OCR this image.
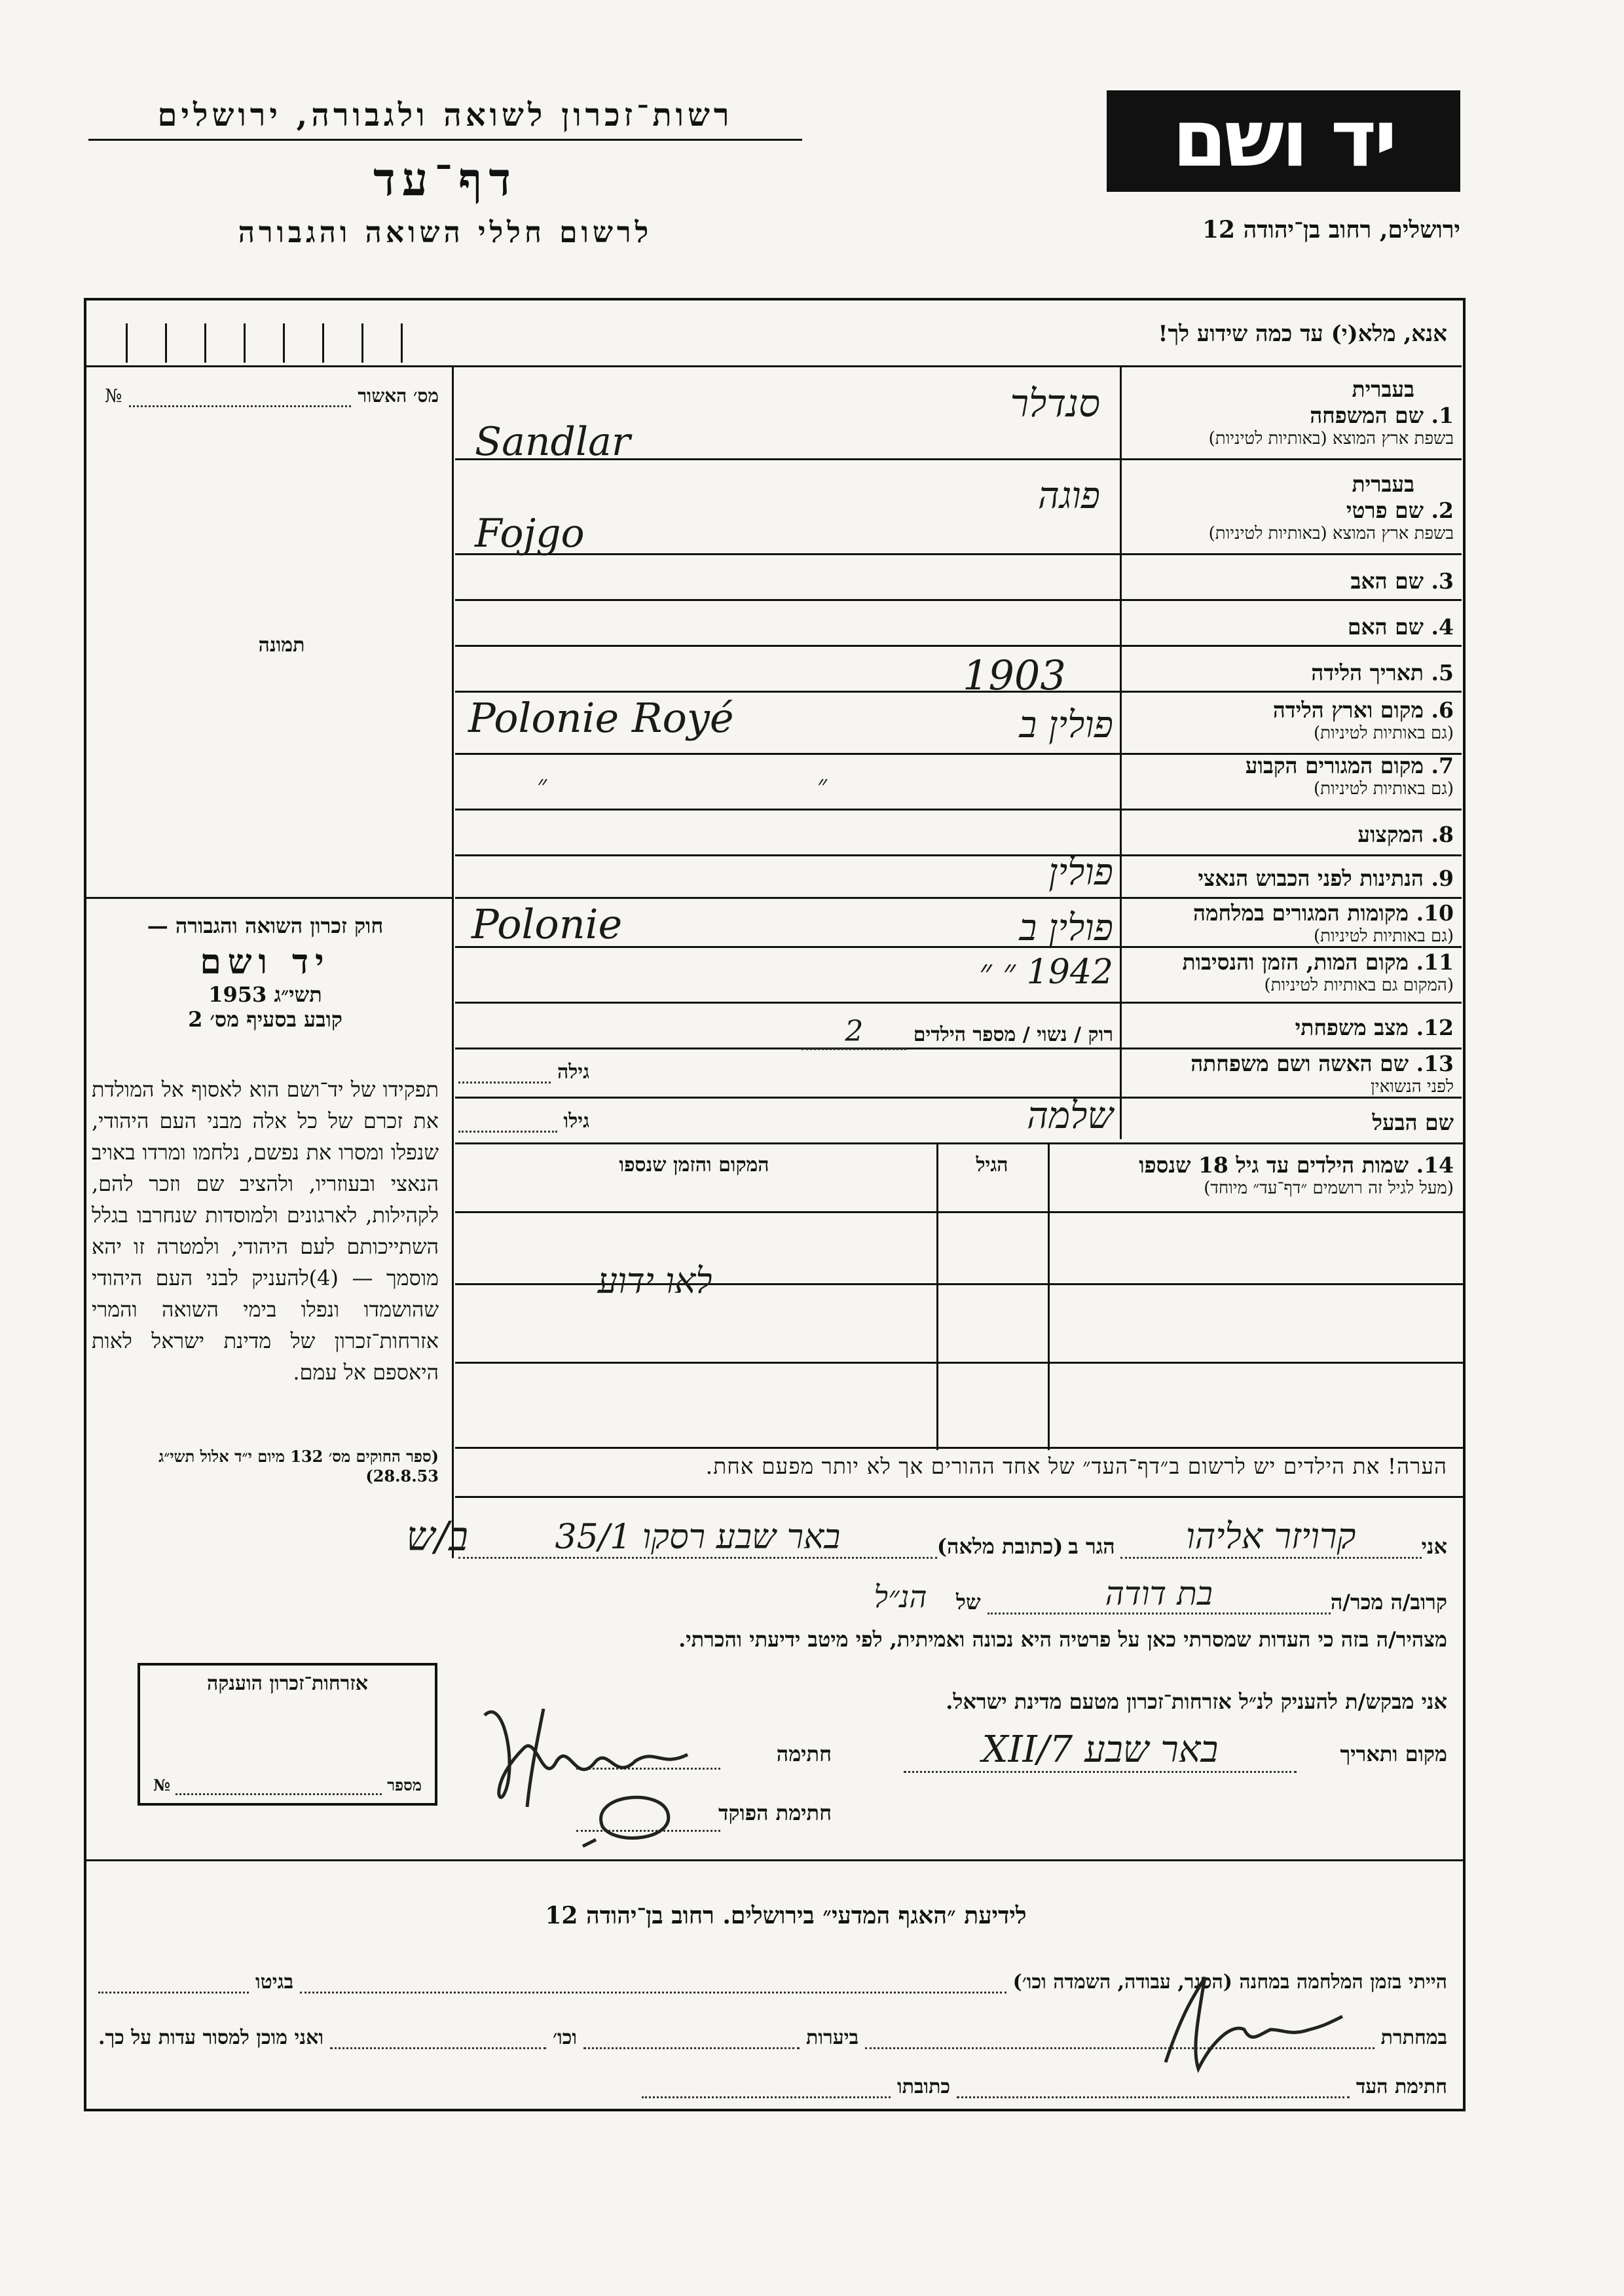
רשות־זכרון לשואה ולגבורה, ירושלים
דף־עד
לרשום חללי השואה והגבורה
יד ושם
ירושלים, רחוב בן־יהודה 12
אנא, מלא(י) עד כמה שידוע לך!
מס׳ האשור
№
תמונה
בעברית
1. שם המשפחה
בשפת ארץ המוצא (באותיות לטיניות)
סנדלר
Sandlar
בעברית
2. שם פרטי
בשפת ארץ המוצא (באותיות לטיניות)
פוגה
Fojgo
3. שם האב
4. שם האם
5. תאריך הלידה
1903
6. מקום וארץ הלידה
(גם באותיות לטיניות)
Polonie Royé	פולין ב
7. מקום המגורים הקבוע
(גם באותיות לטיניות)
״ ״
8. המקצוע
9. הנתינות לפני הכבוש הנאצי
פולין
10. מקומות המגורים במלחמה
(גם באותיות לטיניות)
Polonie	פולין ב
11. מקום המות, הזמן והנסיבות
(המקום גם באותיות לטיניות)
1942 ״ ״
12. מצב משפחתי
רוק / נשוי / מספר הילדים 2
13. שם האשה ושם משפחתה
לפני הנשואין
גילה
שם הבעל
שלמה
גילו
14. שמות הילדים עד גיל 18 שנספו
(מעל לגיל זה רושמים ״דף־עד״ מיוחד)
הגיל
המקום והזמן שנספו
לאו ידוע
הערה! את הילדים יש לרשום ב״דף־העד״ של אחד ההורים אך לא יותר מפעם אחת.
חוק זכרון השואה והגבורה —
יד ושם
תשי״ג 1953
קובע בסעיף מס׳ 2
תפקידו של יד־ושם הוא לאסוף אל המולדת את זכרם של כל אלה מבני העם היהודי, שנפלו ומסרו את נפשם, נלחמו ומרדו באויב הנאצי ובעוזריו, ולהציב שם וזכר להם, לקהילות, לארגונים ולמוסדות שנחרבו בגלל השתייכותם לעם היהודי, ולמטרה זו יהא מוסמך — (4)להעניק לבני העם היהודי שהושמדו ונפלו בימי השואה והמרי אזרחות־זכרון של מדינת ישראל לאות היאספם אל עמם.
(ספר החוקים מס׳ 132 מיום י״ד אלול תשי״ג 28.8.53)
ב/ש	אני
קרויזר אליהו
הגר ב
(כתובת מלאה)
באר שבע רסקו 35/1
קרוב/ה מכר/ה
בת דודה
של
הנ״ל
מצהיר/ה בזה כי העדות שמסרתי כאן על פרטיה היא נכונה ואמיתית, לפי מיטב ידיעתי והכרתי.
אני מבקש/ת להעניק לנ״ל אזרחות־זכרון מטעם מדינת ישראל.
מקום ותאריך
באר שבע 7/XII
חתימה
חתימת הפוקד
אזרחות־זכרון הוענקה
מספר
№
לידיעת ״האגף המדעי״ בירושלים. רחוב בן־יהודה 12
הייתי בזמן המלחמה במחנה (הסגר, עבודה, השמדה וכו׳)
בגיטו
במחתרת
ביערות
וכו׳
ואני מוכן למסור עדות על כך.
חתימת העד
כתובתו
